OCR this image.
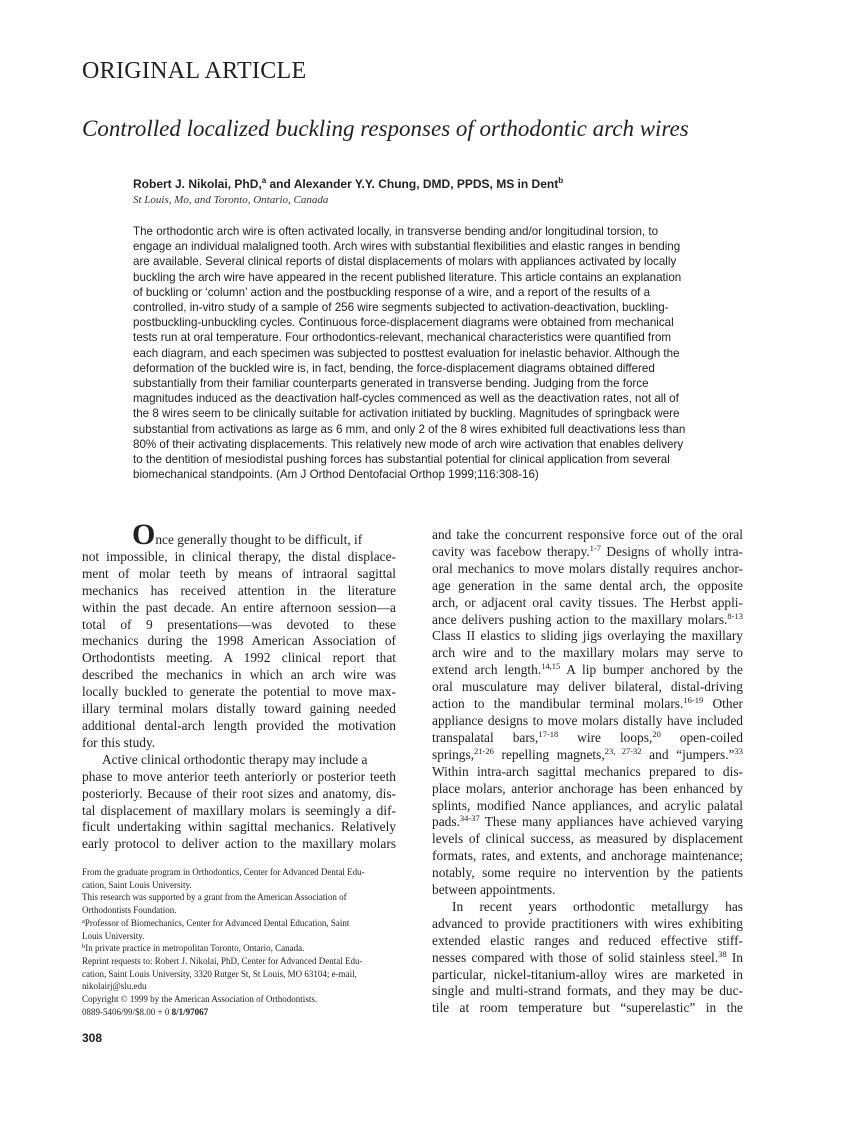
ORIGINAL ARTICLE
Controlled localized buckling responses of orthodontic arch wires
Robert J. Nikolai, PhD,$^a$ and Alexander Y.Y. Chung, DMD, PPDS, MS in Dent$^b$
St Louis, Mo, and Toronto, Ontario, Canada
The orthodontic arch wire is often activated locally, in transverse bending and/or longitudinal torsion, to
engage an individual malaligned tooth. Arch wires with substantial flexibilities and elastic ranges in bending
are available. Several clinical reports of distal displacements of molars with appliances activated by locally
buckling the arch wire have appeared in the recent published literature. This article contains an explanation
of buckling or ‘column’ action and the postbuckling response of a wire, and a report of the results of a
controlled, in-vitro study of a sample of 256 wire segments subjected to activation-deactivation, buckling-
postbuckling-unbuckling cycles. Continuous force-displacement diagrams were obtained from mechanical
tests run at oral temperature. Four orthodontics-relevant, mechanical characteristics were quantified from
each diagram, and each specimen was subjected to posttest evaluation for inelastic behavior. Although the
deformation of the buckled wire is, in fact, bending, the force-displacement diagrams obtained differed
substantially from their familiar counterparts generated in transverse bending. Judging from the force
magnitudes induced as the deactivation half-cycles commenced as well as the deactivation rates, not all of
the 8 wires seem to be clinically suitable for activation initiated by buckling. Magnitudes of springback were
substantial from activations as large as 6 mm, and only 2 of the 8 wires exhibited full deactivations less than
80% of their activating displacements. This relatively new mode of arch wire activation that enables delivery
to the dentition of mesiodistal pushing forces has substantial potential for clinical application from several
biomechanical standpoints. (Am J Orthod Dentofacial Orthop 1999;116:308-16)
Once generally thought to be difficult, if
not impossible, in clinical therapy, the distal displace-
ment of molar teeth by means of intraoral sagittal
mechanics has received attention in the literature
within the past decade. An entire afternoon session—a
total of 9 presentations—was devoted to these
mechanics during the 1998 American Association of
Orthodontists meeting. A 1992 clinical report that
described the mechanics in which an arch wire was
locally buckled to generate the potential to move max-
illary terminal molars distally toward gaining needed
additional dental-arch length provided the motivation
for this study.
Active clinical orthodontic therapy may include a
phase to move anterior teeth anteriorly or posterior teeth
posteriorly. Because of their root sizes and anatomy, dis-
tal displacement of maxillary molars is seemingly a dif-
ficult undertaking within sagittal mechanics. Relatively
early protocol to deliver action to the maxillary molars
and take the concurrent responsive force out of the oral
cavity was facebow therapy.$^{1-7}$ Designs of wholly intra-
oral mechanics to move molars distally requires anchor-
age generation in the same dental arch, the opposite
arch, or adjacent oral cavity tissues. The Herbst appli-
ance delivers pushing action to the maxillary molars.$^{8-13}$
Class II elastics to sliding jigs overlaying the maxillary
arch wire and to the maxillary molars may serve to
extend arch length.$^{14,15}$ A lip bumper anchored by the
oral musculature may deliver bilateral, distal-driving
action to the mandibular terminal molars.$^{16-19}$ Other
appliance designs to move molars distally have included
transpalatal bars,$^{17-18}$ wire loops,$^{20}$ open-coiled
springs,$^{21-26}$ repelling magnets,$^{23, 27-32}$ and “jumpers.”$^{33}$
Within intra-arch sagittal mechanics prepared to dis-
place molars, anterior anchorage has been enhanced by
splints, modified Nance appliances, and acrylic palatal
pads.$^{34-37}$ These many appliances have achieved varying
levels of clinical success, as measured by displacement
formats, rates, and extents, and anchorage maintenance;
notably, some require no intervention by the patients
between appointments.
In recent years orthodontic metallurgy has
advanced to provide practitioners with wires exhibiting
extended elastic ranges and reduced effective stiff-
nesses compared with those of solid stainless steel.$^{38}$ In
particular, nickel-titanium-alloy wires are marketed in
single and multi-strand formats, and they may be duc-
tile at room temperature but “superelastic” in the
From the graduate program in Orthodontics, Center for Advanced Dental Edu-
cation, Saint Louis University.
This research was supported by a grant from the American Association of
Orthodontists Foundation.
$^a$Professor of Biomechanics, Center for Advanced Dental Education, Saint
Louis University.
$^b$In private practice in metropolitan Toronto, Ontario, Canada.
Reprint requests to: Robert J. Nikolai, PhD, Center for Advanced Dental Edu-
cation, Saint Louis University, 3320 Rutger St, St Louis, MO 63104; e-mail,
nikolairj@slu.edu
Copyright © 1999 by the American Association of Orthodontists.
0889-5406/99/$8.00 + 0 8/1/97067
308
